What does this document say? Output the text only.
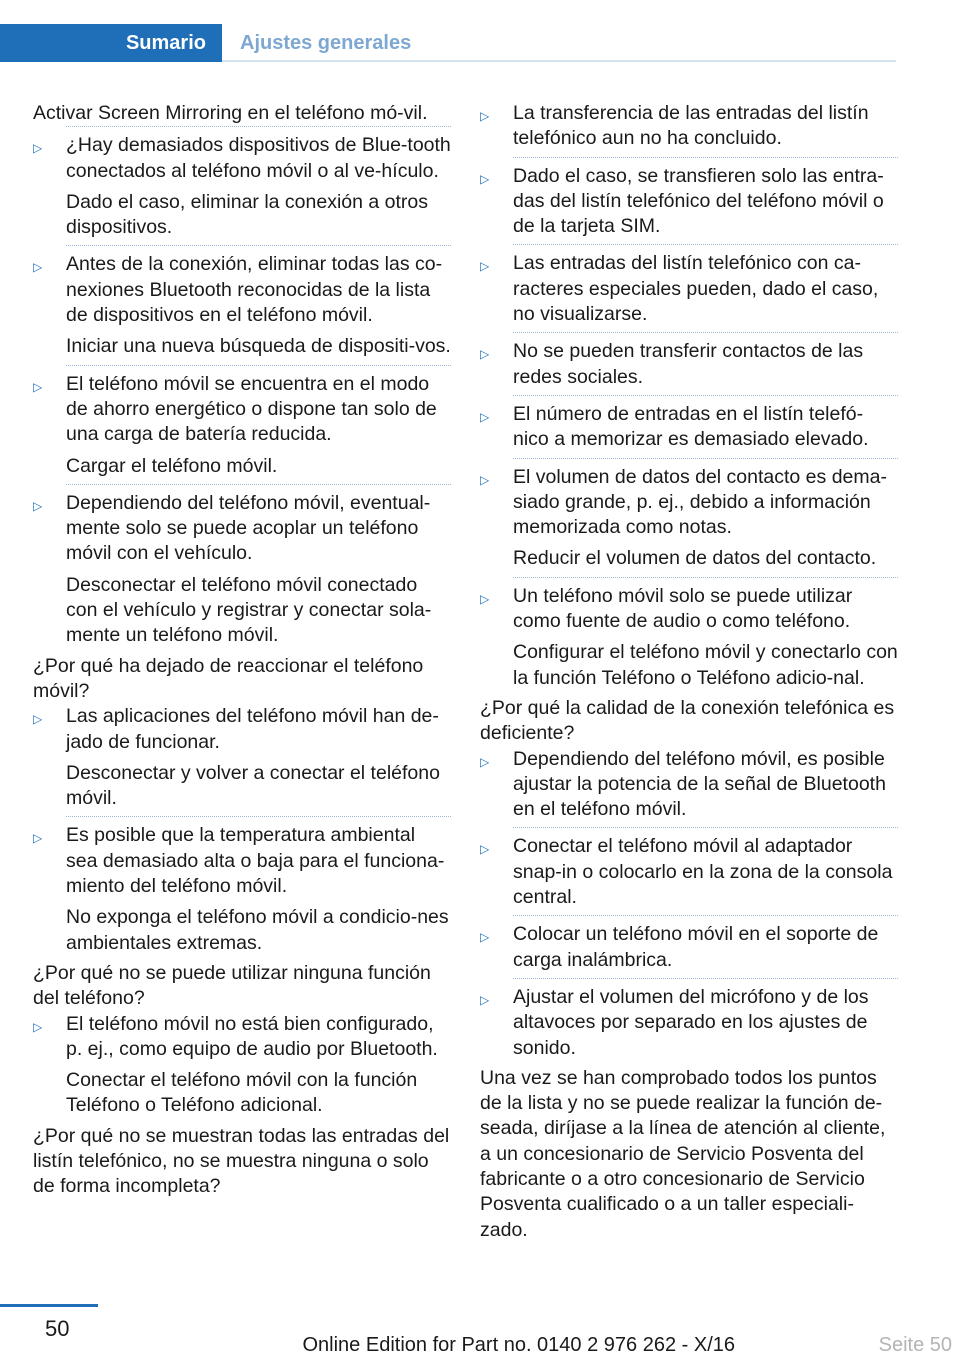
Sumario	Ajustes generales

Activar Screen Mirroring en el teléfono mó-vil.

▷	¿Hay demasiados dispositivos de Blue-tooth conectados al teléfono móvil o al ve-hículo.

Dado el caso, eliminar la conexión a otros dispositivos.

▷	Antes de la conexión, eliminar todas las co-nexiones Bluetooth reconocidas de la lista de dispositivos en el teléfono móvil.

Iniciar una nueva búsqueda de dispositi-vos.

▷	El teléfono móvil se encuentra en el modo de ahorro energético o dispone tan solo de una carga de batería reducida.

Cargar el teléfono móvil.

▷	Dependiendo del teléfono móvil, eventual-mente solo se puede acoplar un teléfono móvil con el vehículo.

Desconectar el teléfono móvil conectado con el vehículo y registrar y conectar sola-mente un teléfono móvil.

¿Por qué ha dejado de reaccionar el teléfono móvil?

▷	Las aplicaciones del teléfono móvil han de-jado de funcionar.

Desconectar y volver a conectar el teléfono móvil.

▷	Es posible que la temperatura ambiental sea demasiado alta o baja para el funciona-miento del teléfono móvil.

No exponga el teléfono móvil a condicio-nes ambientales extremas.

¿Por qué no se puede utilizar ninguna función del teléfono?

▷	El teléfono móvil no está bien configurado, p. ej., como equipo de audio por Bluetooth.

Conectar el teléfono móvil con la función Teléfono o Teléfono adicional.

¿Por qué no se muestran todas las entradas del listín telefónico, no se muestra ninguna o solo de forma incompleta?

▷	La transferencia de las entradas del listín telefónico aun no ha concluido.

▷	Dado el caso, se transfieren solo las entra-das del listín telefónico del teléfono móvil o de la tarjeta SIM.

▷	Las entradas del listín telefónico con ca-racteres especiales pueden, dado el caso, no visualizarse.

▷	No se pueden transferir contactos de las redes sociales.

▷	El número de entradas en el listín telefó-nico a memorizar es demasiado elevado.

▷	El volumen de datos del contacto es dema-siado grande, p. ej., debido a información memorizada como notas.

Reducir el volumen de datos del contacto.

▷	Un teléfono móvil solo se puede utilizar como fuente de audio o como teléfono.

Configurar el teléfono móvil y conectarlo con la función Teléfono o Teléfono adicio-nal.

¿Por qué la calidad de la conexión telefónica es deficiente?

▷	Dependiendo del teléfono móvil, es posible ajustar la potencia de la señal de Bluetooth en el teléfono móvil.

▷	Conectar el teléfono móvil al adaptador snap-in o colocarlo en la zona de la consola central.

▷	Colocar un teléfono móvil en el soporte de carga inalámbrica.

▷	Ajustar el volumen del micrófono y de los altavoces por separado en los ajustes de sonido.

Una vez se han comprobado todos los puntos de la lista y no se puede realizar la función de-seada, diríjase a la línea de atención al cliente, a un concesionario de Servicio Posventa del fabricante o a otro concesionario de Servicio Posventa cualificado o a un taller especiali-zado.

50
Online Edition for Part no. 0140 2 976 262 - X/16	Seite 50
